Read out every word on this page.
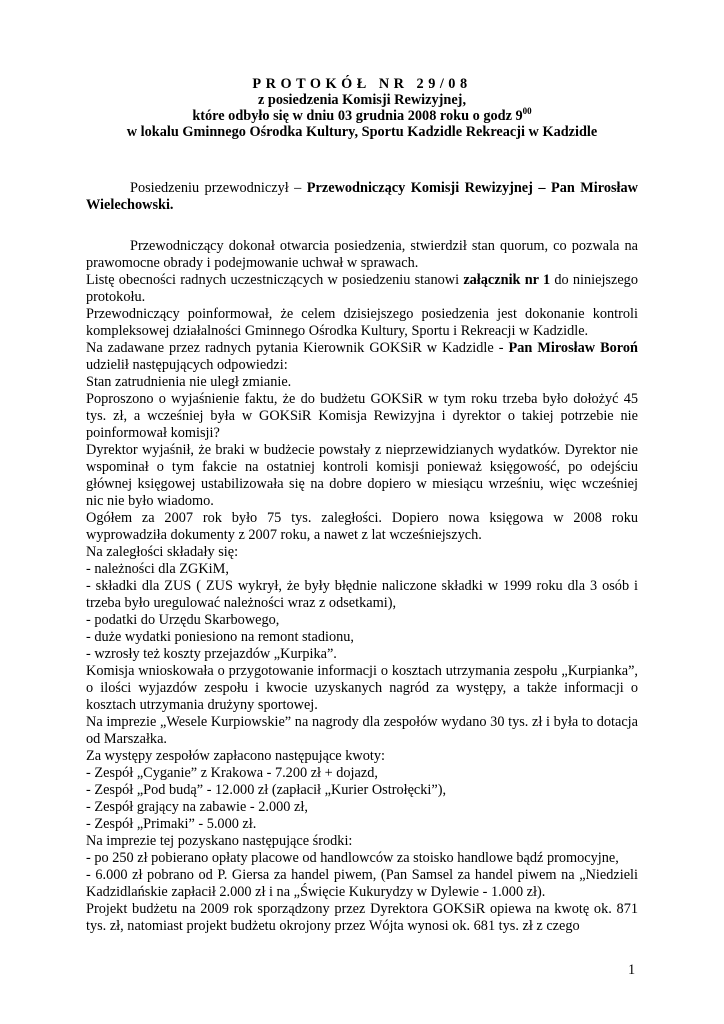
PROTOKÓŁ NR 29/08
z posiedzenia Komisji Rewizyjnej,
które odbyło się w dniu 03 grudnia 2008 roku o godz $9^{00}$
w lokalu Gminnego Ośrodka Kultury, Sportu Kadzidle Rekreacji w Kadzidle

Posiedzeniu przewodniczył – Przewodniczący Komisji Rewizyjnej – Pan Mirosław Wielechowski.

Przewodniczący dokonał otwarcia posiedzenia, stwierdził stan quorum, co pozwala na prawomocne obrady i podejmowanie uchwał w sprawach.

Listę obecności radnych uczestniczących w posiedzeniu stanowi załącznik nr 1 do niniejszego protokołu.

Przewodniczący poinformował, że celem dzisiejszego posiedzenia jest dokonanie kontroli kompleksowej działalności Gminnego Ośrodka Kultury, Sportu i Rekreacji w Kadzidle.

Na zadawane przez radnych pytania Kierownik GOKSiR w Kadzidle - Pan Mirosław Boroń udzielił następujących odpowiedzi:

Stan zatrudnienia nie uległ zmianie.

Poproszono o wyjaśnienie faktu, że do budżetu GOKSiR w tym roku trzeba było dołożyć 45 tys. zł, a wcześniej była w GOKSiR Komisja Rewizyjna i dyrektor o takiej potrzebie nie poinformował komisji?

Dyrektor wyjaśnił, że braki w budżecie powstały z nieprzewidzianych wydatków. Dyrektor nie wspominał o tym fakcie na ostatniej kontroli komisji ponieważ księgowość, po odejściu głównej księgowej ustabilizowała się na dobre dopiero w miesiącu wrześniu, więc wcześniej nic nie było wiadomo.

Ogółem za 2007 rok było 75 tys. zaległości. Dopiero nowa księgowa w 2008 roku wyprowadziła dokumenty z 2007 roku, a nawet z lat wcześniejszych.

Na zaległości składały się:

- należności dla ZGKiM,

- składki dla ZUS ( ZUS wykrył, że były błędnie naliczone składki w 1999 roku dla 3 osób i trzeba było uregulować należności wraz z odsetkami),

- podatki do Urzędu Skarbowego,

- duże wydatki poniesiono na remont stadionu,

- wzrosły też koszty przejazdów „Kurpika”.

Komisja wnioskowała o przygotowanie informacji o kosztach utrzymania zespołu „Kurpianka”, o ilości wyjazdów zespołu i kwocie uzyskanych nagród za występy, a także informacji o kosztach utrzymania drużyny sportowej.

Na imprezie „Wesele Kurpiowskie” na nagrody dla zespołów wydano 30 tys. zł i była to dotacja od Marszałka.

Za występy zespołów zapłacono następujące kwoty:

- Zespół „Cyganie” z Krakowa - 7.200 zł + dojazd,

- Zespół „Pod budą” - 12.000 zł (zapłacił „Kurier Ostrołęcki”),

- Zespół grający na zabawie - 2.000 zł,

- Zespół „Primaki” - 5.000 zł.

Na imprezie tej pozyskano następujące środki:

- po 250 zł pobierano opłaty placowe od handlowców za stoisko handlowe bądź promocyjne,

- 6.000 zł pobrano od P. Giersa za handel piwem, (Pan Samsel za handel piwem na „Niedzieli Kadzidlańskie zapłacił 2.000 zł i na „Święcie Kukurydzy w Dylewie - 1.000 zł).

Projekt budżetu na 2009 rok sporządzony przez Dyrektora GOKSiR opiewa na kwotę ok. 871 tys. zł, natomiast projekt budżetu okrojony przez Wójta wynosi ok. 681 tys. zł z czego

1
